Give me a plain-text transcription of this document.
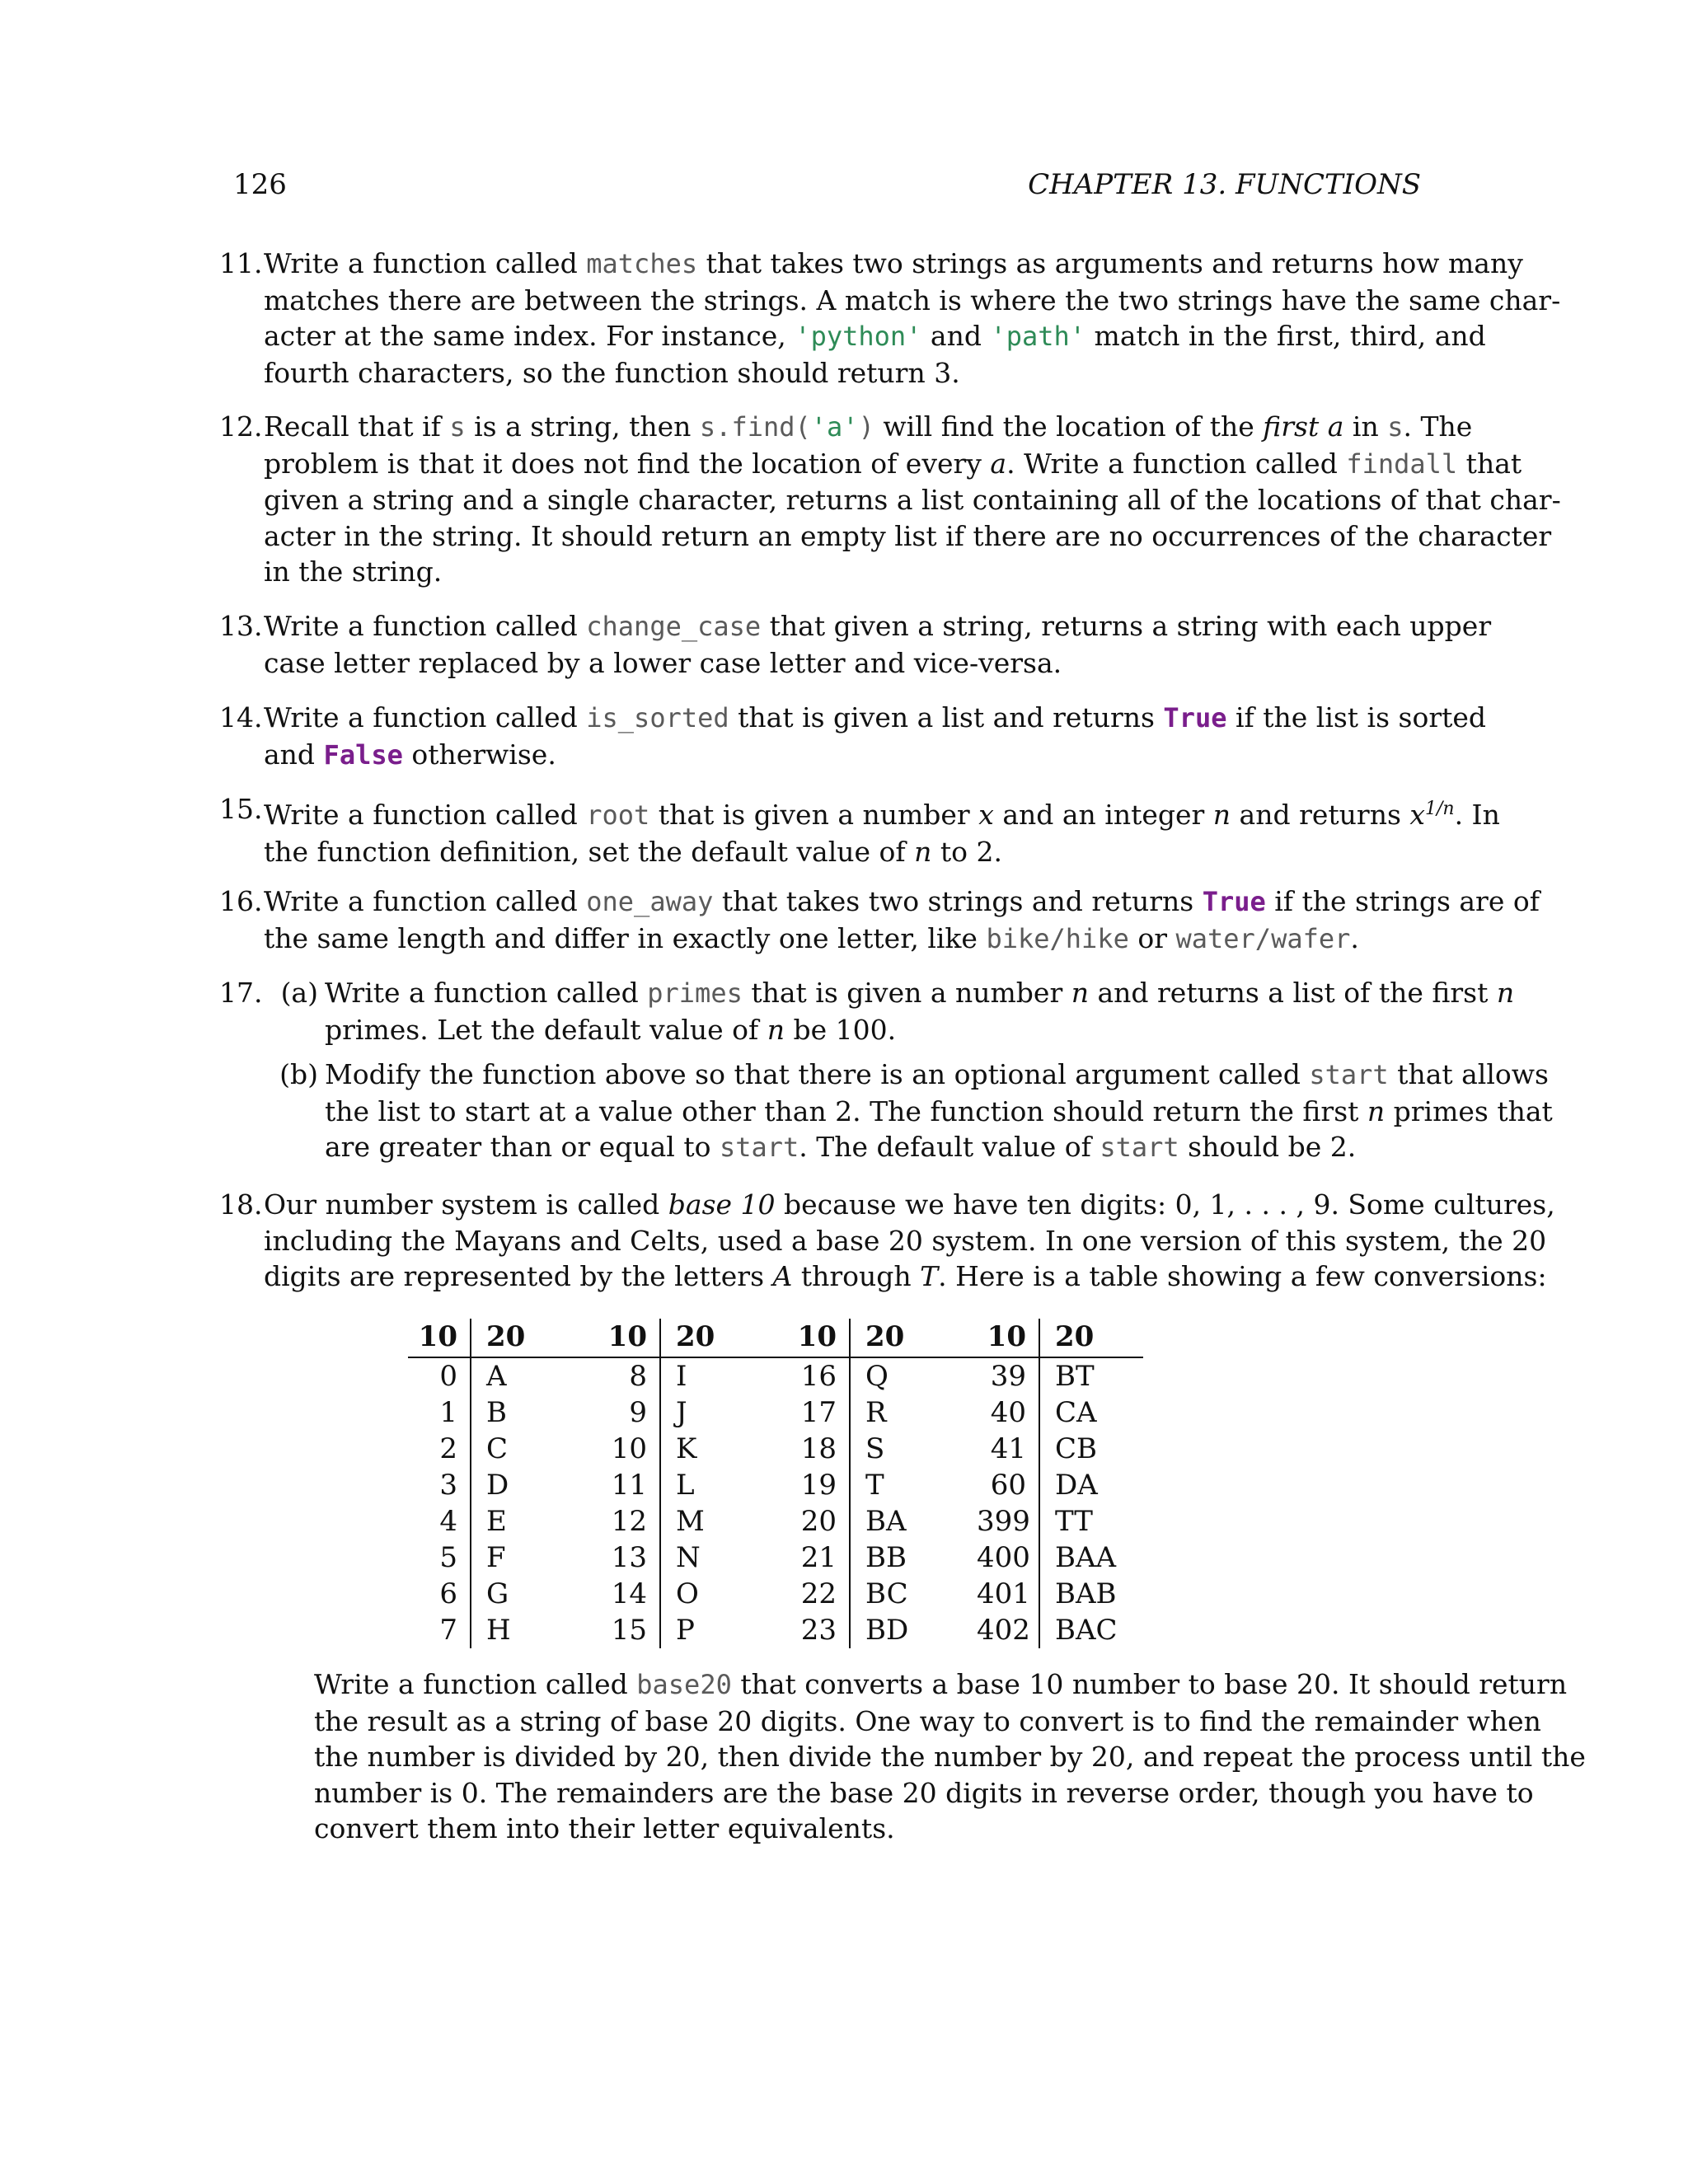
126	CHAPTER 13. FUNCTIONS
11. Write a function called matches that takes two strings as arguments and returns how many
matches there are between the strings. A match is where the two strings have the same char-
acter at the same index. For instance, 'python' and 'path' match in the first, third, and
fourth characters, so the function should return 3.
12. Recall that if s is a string, then s.find('a') will find the location of the first a in s. The
problem is that it does not find the location of every a. Write a function called findall that
given a string and a single character, returns a list containing all of the locations of that char-
acter in the string. It should return an empty list if there are no occurrences of the character
in the string.
13. Write a function called change_case that given a string, returns a string with each upper
case letter replaced by a lower case letter and vice-versa.
14. Write a function called is_sorted that is given a list and returns True if the list is sorted
and False otherwise.
15. Write a function called root that is given a number x and an integer n and returns $x^{1/n}$. In
the function definition, set the default value of n to 2.
16. Write a function called one_away that takes two strings and returns True if the strings are of
the same length and differ in exactly one letter, like bike/hike or water/wafer.
17. (a) Write a function called primes that is given a number n and returns a list of the first n
primes. Let the default value of n be 100.
(b) Modify the function above so that there is an optional argument called start that allows
the list to start at a value other than 2. The function should return the first n primes that
are greater than or equal to start. The default value of start should be 2.
18. Our number system is called base 10 because we have ten digits: 0, 1, . . . , 9. Some cultures,
including the Mayans and Celts, used a base 20 system. In one version of this system, the 20
digits are represented by the letters A through T. Here is a table showing a few conversions:
10 20
0 A
1 B
2 C
3 D
4 E
5 F
6 G
7 H
10 20
8 I
9 J
10 K
11 L
12 M
13 N
14 O
15 P
10 20
16 Q
17 R
18 S
19 T
20 BA
21 BB
22 BC
23 BD
10 20
39 BT
40 CA
41 CB
60 DA
399 TT
400 BAA
401 BAB
402 BAC
Write a function called base20 that converts a base 10 number to base 20. It should return
the result as a string of base 20 digits. One way to convert is to find the remainder when
the number is divided by 20, then divide the number by 20, and repeat the process until the
number is 0. The remainders are the base 20 digits in reverse order, though you have to
convert them into their letter equivalents.
